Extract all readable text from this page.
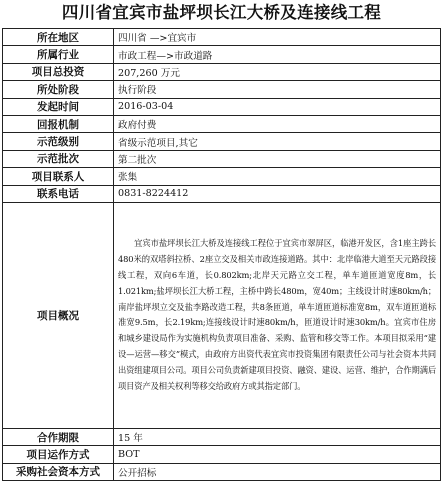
四川省宜宾市盐坪坝长江大桥及连接线工程
所在地区	四川省 —>宜宾市
所属行业	市政工程—>市政道路
项目总投资	207,260 万元
所处阶段	执行阶段
发起时间	2016-03-04
回报机制	政府付费
示范级别	省级示范项目,其它
示范批次	第二批次
项目联系人	张集
联系电话	0831-8224412
项目概况	宜宾市盐坪坝长江大桥及连接线工程位于宜宾市翠屏区，临港开发区，含1座主跨长480米的双塔斜拉桥、2座立交及相关市政连接道路。其中：北岸临港大道至天元路段接线工程，双向6车道，长0.802km;北岸天元路立交工程，单车道匝道宽度8m，长1.021km;盐坪坝长江大桥工程，主桥中跨长480m，宽40m；主线设计时速80km/h；南岸盐坪坝立交及盐李路改造工程，共8条匝道，单车道匝道标准宽8m，双车道匝道标准宽9.5m，长2.19km;连接线设计时速80km/h，匝道设计时速30km/h。宜宾市住房和城乡建设局作为实施机构负责项目准备、采购、监管和移交等工作。本项目拟采用“建设—运营—移交”模式，由政府方出资代表宜宾市投资集团有限责任公司与社会资本共同出资组建项目公司。项目公司负责新建项目投资、融资、建设、运营、维护，合作期满后项目资产及相关权利等移交给政府方或其指定部门。
合作期限	15 年
项目运作方式	BOT
采购社会资本方式	公开招标
